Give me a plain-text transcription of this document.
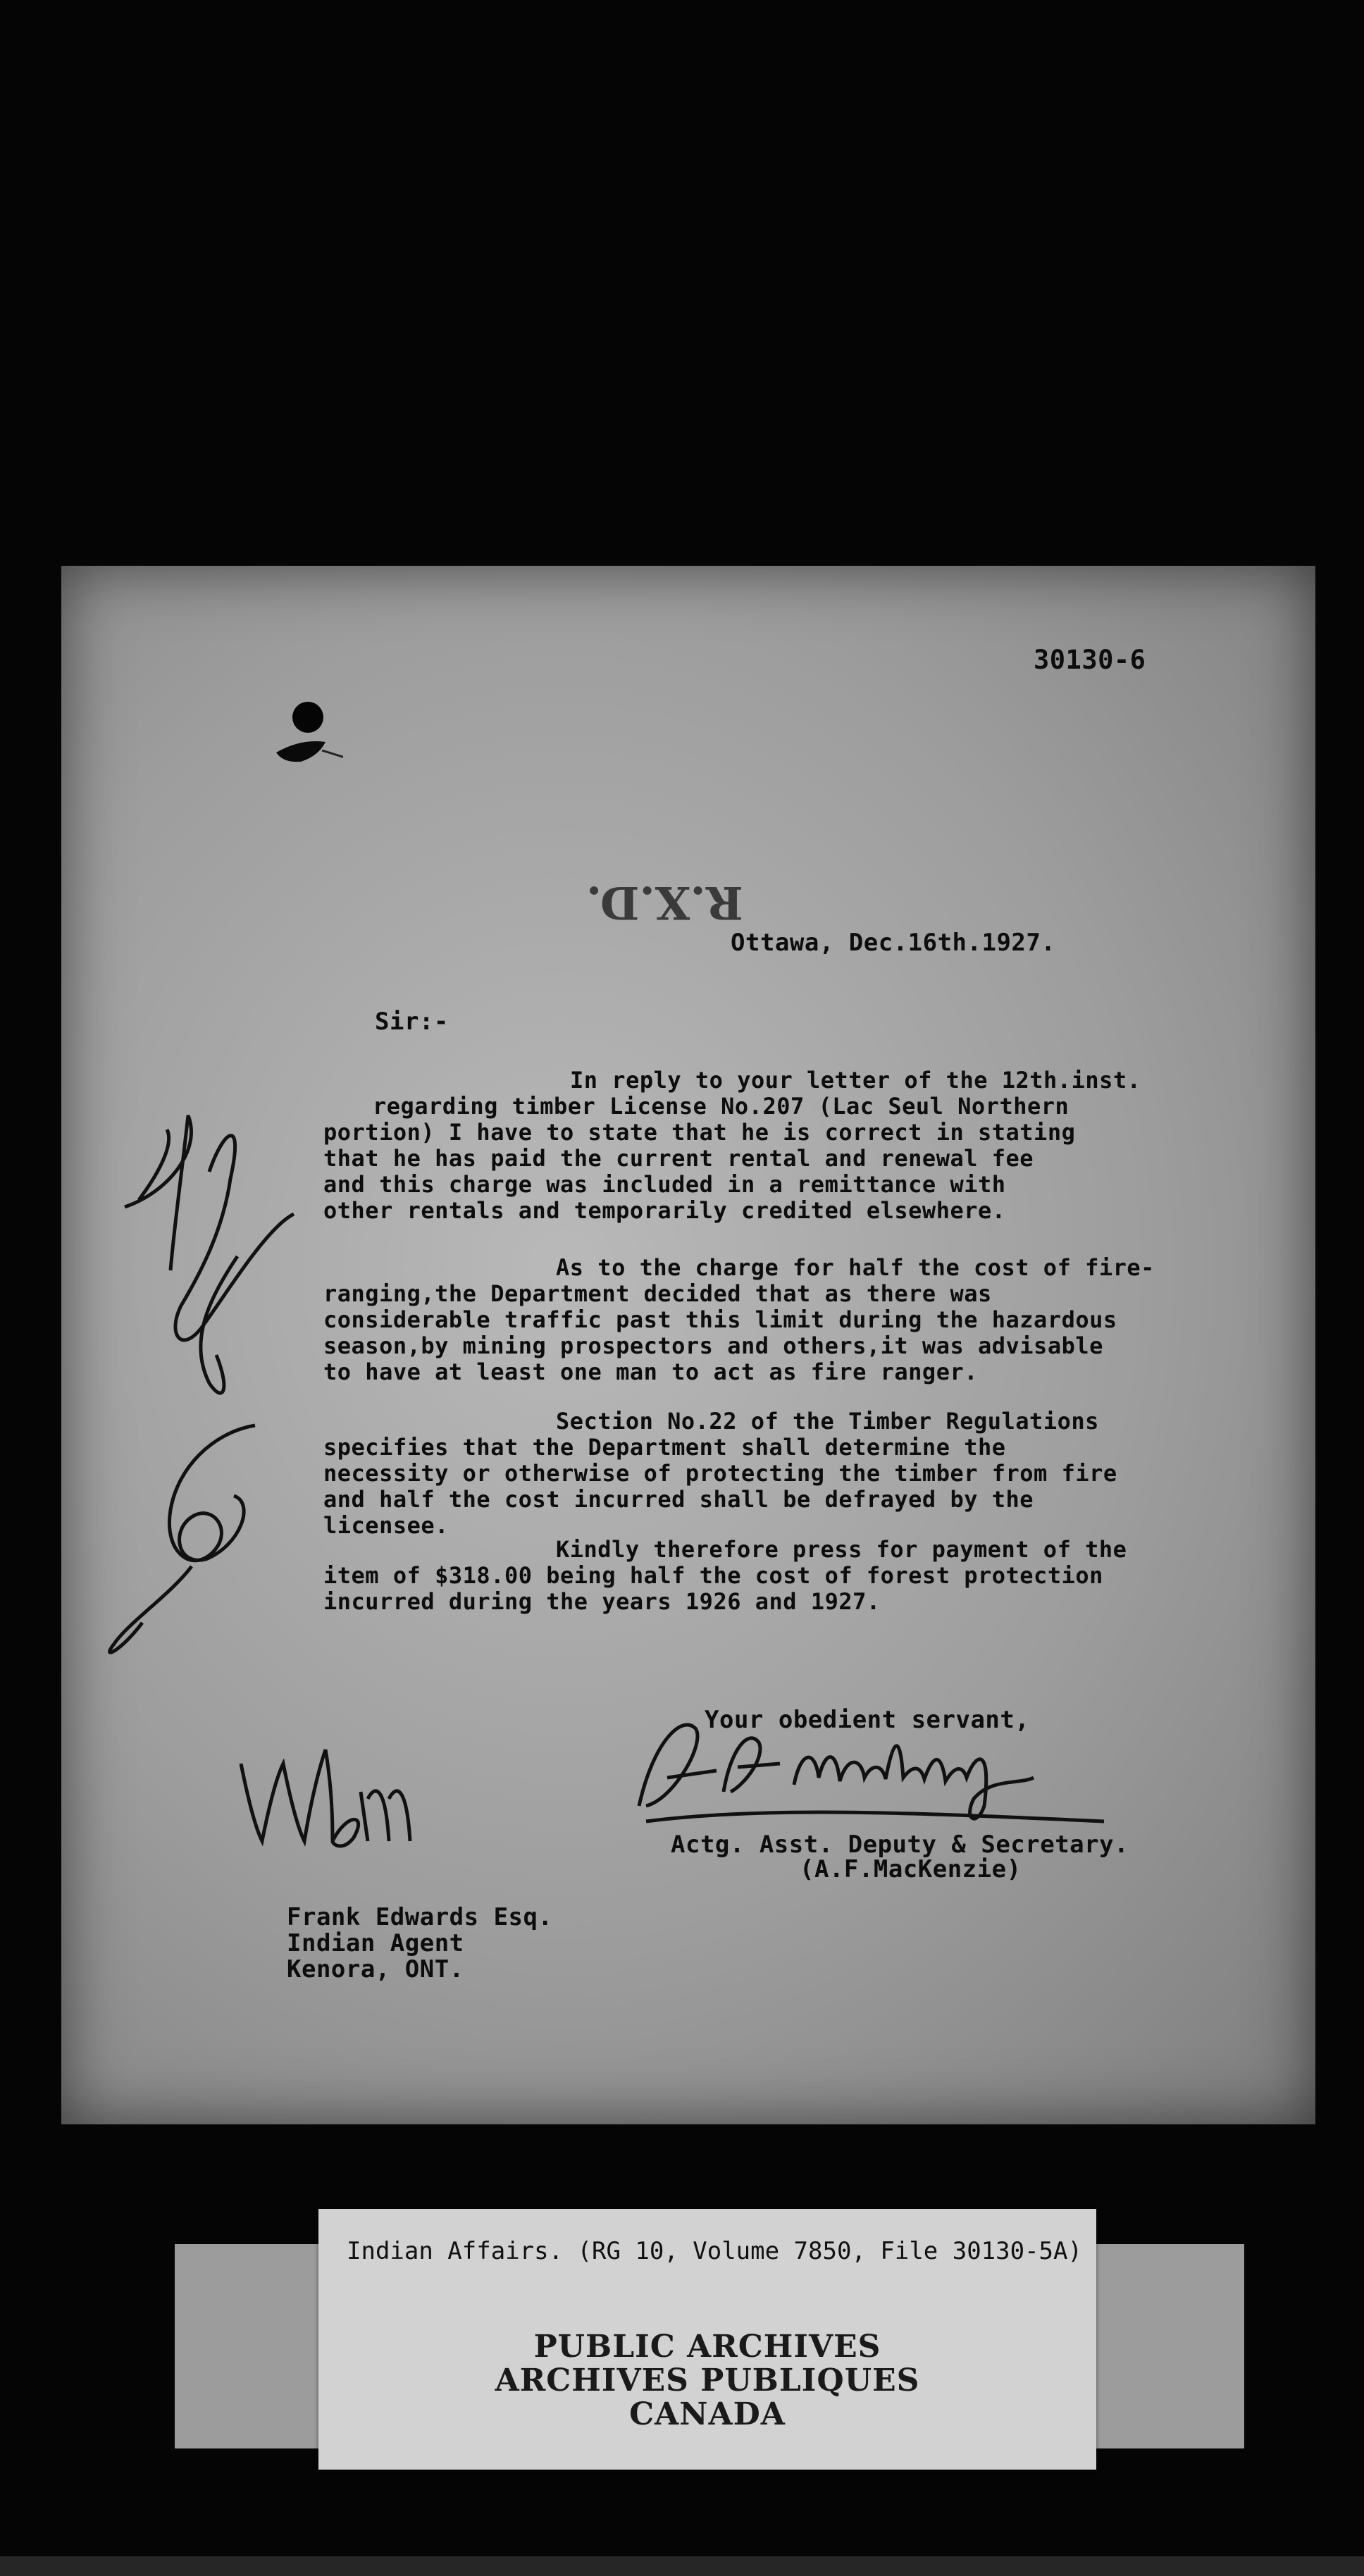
30130-6
R.X.D.
Ottawa, Dec.16th.1927.
Sir:-
In reply to your letter of the 12th.inst.
regarding timber License No.207 (Lac Seul Northern
portion) I have to state that he is correct in stating
that he has paid the current rental and renewal fee
and this charge was included in a remittance with
other rentals and temporarily credited elsewhere.
As to the charge for half the cost of fire-
ranging,the Department decided that as there was
considerable traffic past this limit during the hazardous
season,by mining prospectors and others,it was advisable
to have at least one man to act as fire ranger.
Section No.22 of the Timber Regulations
specifies that the Department shall determine the
necessity or otherwise of protecting the timber from fire
and half the cost incurred shall be defrayed by the
licensee.
Kindly therefore press for payment of the
item of $318.00 being half the cost of forest protection
incurred during the years 1926 and 1927.
Your obedient servant,
Actg. Asst. Deputy & Secretary.
(A.F.MacKenzie)
Frank Edwards Esq.
Indian Agent
Kenora, ONT.
Indian Affairs. (RG 10, Volume 7850, File 30130-5A)
PUBLIC ARCHIVES
ARCHIVES PUBLIQUES
CANADA
